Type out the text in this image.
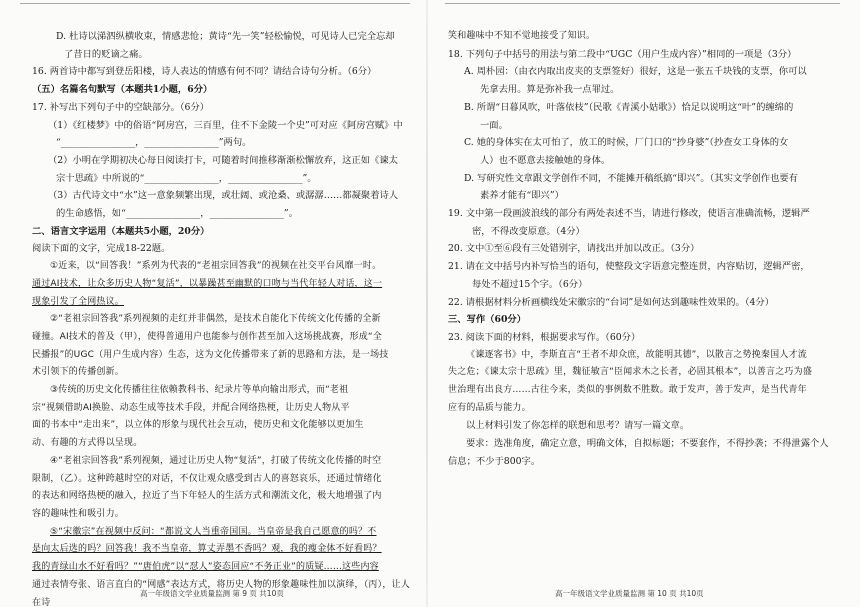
D. 杜诗以涕泗纵横收束，情感悲怆；黄诗“先一笑”轻松愉悦，可见诗人已完全忘却

了昔日的贬谪之痛。

16. 两首诗中都写到登岳阳楼，诗人表达的情感有何不同？请结合诗句分析。（6分）

（五）名篇名句默写（本题共1小题，6分）

17. 补写出下列句子中的空缺部分。（6分）

（1）《红楼梦》中的俗语“阿房宫，三百里，住不下金陵一个史”可对应《阿房宫赋》中

“________________，________________”两句。

（2）小明在学期初决心每日阅读打卡，可随着时间推移渐渐松懈放弃，这正如《谏太

宗十思疏》中所说的“________________，________________”。

（3）古代诗文中“水”这一意象频繁出现，或壮阔、或沧桑、或潺潺……都凝聚着诗人

的生命感悟，如“________________，________________”。

二、语言文字运用（本题共5小题，20分）

阅读下面的文字，完成18-22题。

①近来，以“回答我！”系列为代表的“老祖宗回答我”的视频在社交平台风靡一时。

通过AI技术，让众多历史人物“复活”，以暴躁甚至幽默的口吻与当代年轻人对话，这一

现象引发了全网热议。

②“老祖宗回答我”系列视频的走红并非偶然，是技术自能化下传统文化传播的全新

碰撞。AI技术的普及（甲），使得普通用户也能参与创作甚至加入这场挑战赛，形成“全

民播报”的UGC（用户生成内容）生态，这为文化传播带来了新的思路和方法，是一场技

术引领下的传播创新。

③传统的历史文化传播往往依赖教科书、纪录片等单向输出形式，而“老祖

宗”视频借助AI换脸、动态生成等技术手段，并配合网络热梗，让历史人物从平

面的书本中“走出来”，以立体的形象与现代社会互动，使历史和文化能够以更加生

动、有趣的方式得以呈现。

④“老祖宗回答我”系列视频，通过让历史人物“复活”，打破了传统文化传播的时空

限制，（乙）。这种跨越时空的对话，不仅让观众感受到古人的喜怒哀乐，还通过情绪化

的表达和网络热梗的融入，拉近了当下年轻人的生活方式和潮流文化，极大地增强了内

容的趣味性和吸引力。

⑤“宋徽宗”在视频中反问：“都说文人当重帝国国。当皇帝是我自己愿意的吗？不

是向太后选的吗？回答我！我不当皇帝，算丈弄墨不香吗？观，我的瘦金体不好看吗？

我的青绿山水不好看吗？”“唐伯虎”以“怼人”姿态回应“不务正业”的质疑……这些内容

通过表情夸张、语言直白的“网感”表达方式，将历史人物的形象趣味性加以演绎，（丙），让人在诗

笑和趣味中不知不觉地接受了知识。

18. 下列句子中括号的用法与第二段中“UGC（用户生成内容）”相同的一项是（3分）

A. 周朴园：（由衣内取出皮夹的支票签好）很好，这是一张五千块钱的支票，你可以

先拿去用。算是弥补我一点罪过。

B. 所谓“日暮风吹，叶落依枝”（民歌《青溪小姑歌》）恰足以说明这“叶”的缠绵的

一面。

C. 她的身体实在太可怕了，放工的时候，厂门口的“抄身婆”（抄查女工身体的女

人）也不愿意去接触她的身体。

D. 写研究性文章跟文学创作不同，不能摊开稿纸搞“即兴”。（其实文学创作也要有

素养才能有“即兴”）

19. 文中第一段画波浪线的部分有两处表述不当，请进行修改，使语言准确流畅，逻辑严

密，不得改变原意。（4分）

20. 文中①至⑥段有三处错别字，请找出并加以改正。（3分）

21. 请在文中括号内补写恰当的语句，使整段文字语意完整连贯，内容贴切，逻辑严密，

每处不超过15个字。（6分）

22. 请根据材料分析画横线处宋徽宗的“台词”是如何达到趣味性效果的。（4分）

三、写作（60分）

23. 阅读下面的材料，根据要求写作。（60分）

《谏逐客书》中，李斯直言“王者不却众庶，故能明其德”，以散言之势挽秦国人才流

失之危；《谏太宗十思疏》里，魏征敏言“臣闻求木之长者，必固其根本”，以善言之巧为盛

世治理有出良方……古往今来，类似的事例数不胜数。敢于发声，善于发声，是当代青年

应有的品质与能力。

以上材料引发了你怎样的联想和思考？请写一篇文章。

要求：选准角度，确定立意，明确文体，自拟标题；不要套作，不得抄袭；不得泄露个人

信息；不少于800字。

高一年级语文学业质量监测 第 9 页 共10页	高一年级语文学业质量监测 第 10 页 共10页
